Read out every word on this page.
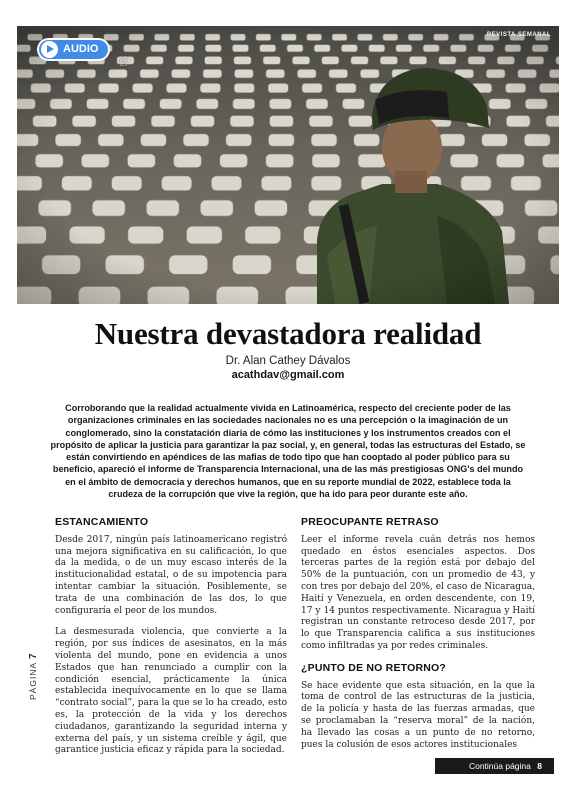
REVISTA SEMANAL
AUDIO
☝
Nuestra devastadora realidad
Dr. Alan Cathey Dávalos
acathdav@gmail.com
Corroborando que la realidad actualmente vivida en Latinoamérica, respecto del creciente poder de las organizaciones criminales en las sociedades nacionales no es una percepción o la imaginación de un conglomerado, sino la constatación diaria de cómo las instituciones y los instrumentos creados con el propósito de aplicar la justicia para garantizar la paz social, y, en general, todas las estructuras del Estado, se están convirtiendo en apéndices de las mafias de todo tipo que han cooptado al poder público para su beneficio, apareció el informe de Transparencia Internacional, una de las más prestigiosas ONG's del mundo en el ámbito de democracia y derechos humanos, que en su reporte mundial de 2022, establece toda la crudeza de la corrupción que vive la región, que ha ido para peor durante este año.
ESTANCAMIENTO

Desde 2017, ningún país latinoamericano registró una mejora significativa en su calificación, lo que da la medida, o de un muy escaso interés de la institucionalidad estatal, o de su impotencia para intentar cambiar la situación. Posiblemente, se trata de una combinación de las dos, lo que configuraría el peor de los mundos.

La desmesurada violencia, que convierte a la región, por sus índices de asesinatos, en la más violenta del mundo, pone en evidencia a unos Estados que han renunciado a cumplir con la condición esencial, prácticamente la única establecida inequívocamente en lo que se llama “contrato social”, para la que se lo ha creado, esto es, la protección de la vida y los derechos ciudadanos, garantizando la seguridad interna y externa del país, y un sistema creíble y ágil, que garantice justicia eficaz y rápida para la sociedad.

PREOCUPANTE RETRASO

Leer el informe revela cuán detrás nos hemos quedado en éstos esenciales aspectos. Dos terceras partes de la región está por debajo del 50% de la puntuación, con un promedio de 43, y con tres por debajo del 20%, el caso de Nicaragua, Haití y Venezuela, en orden descendente, con 19, 17 y 14 puntos respectivamente. Nicaragua y Haití registran un constante retroceso desde 2017, por lo que Transparencia califica a sus instituciones como infiltradas ya por redes criminales.

¿PUNTO DE NO RETORNO?

Se hace evidente que esta situación, en la que la toma de control de las estructuras de la justicia, de la policía y hasta de las fuerzas armadas, que se proclamaban la “reserva moral” de la nación, ha llevado las cosas a un punto de no retorno, pues la colusión de esos actores institucionales

PÁGINA 7
Continúa página 8
